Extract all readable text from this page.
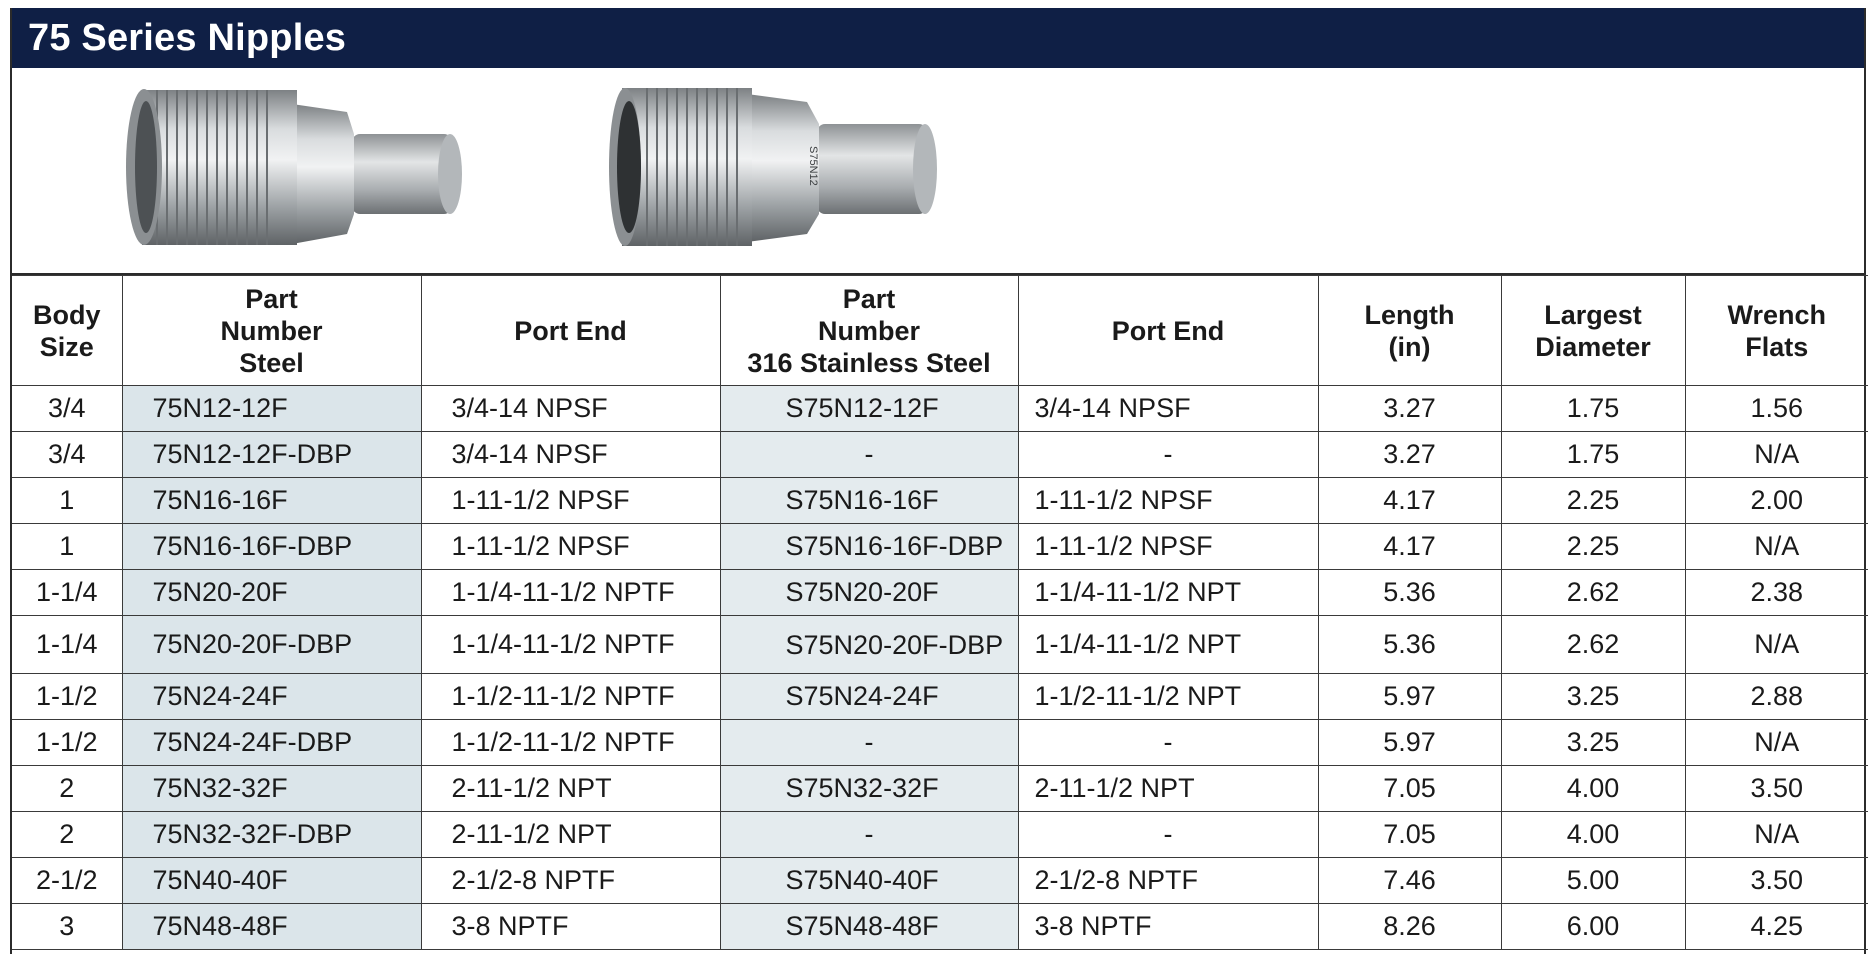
75 Series Nipples
S75N12
Body
Size	Part
Number
Steel	Port End	Part
Number
316 Stainless Steel	Port End	Length
(in)	Largest
Diameter	Wrench
Flats
3/4	75N12-12F	3/4-14 NPSF	S75N12-12F	3/4-14 NPSF	3.27	1.75	1.56
3/4	75N12-12F-DBP	3/4-14 NPSF	-	-	3.27	1.75	N/A
1	75N16-16F	1-11-1/2 NPSF	S75N16-16F	1-11-1/2 NPSF	4.17	2.25	2.00
1	75N16-16F-DBP	1-11-1/2 NPSF	S75N16-16F-DBP	1-11-1/2 NPSF	4.17	2.25	N/A
1-1/4	75N20-20F	1-1/4-11-1/2 NPTF	S75N20-20F	1-1/4-11-1/2 NPT	5.36	2.62	2.38
1-1/4	75N20-20F-DBP	1-1/4-11-1/2 NPTF	S75N20-20F-DBP	1-1/4-11-1/2 NPT	5.36	2.62	N/A
1-1/2	75N24-24F	1-1/2-11-1/2 NPTF	S75N24-24F	1-1/2-11-1/2 NPT	5.97	3.25	2.88
1-1/2	75N24-24F-DBP	1-1/2-11-1/2 NPTF	-	-	5.97	3.25	N/A
2	75N32-32F	2-11-1/2 NPT	S75N32-32F	2-11-1/2 NPT	7.05	4.00	3.50
2	75N32-32F-DBP	2-11-1/2 NPT	-	-	7.05	4.00	N/A
2-1/2	75N40-40F	2-1/2-8 NPTF	S75N40-40F	2-1/2-8 NPTF	7.46	5.00	3.50
3	75N48-48F	3-8 NPTF	S75N48-48F	3-8 NPTF	8.26	6.00	4.25
